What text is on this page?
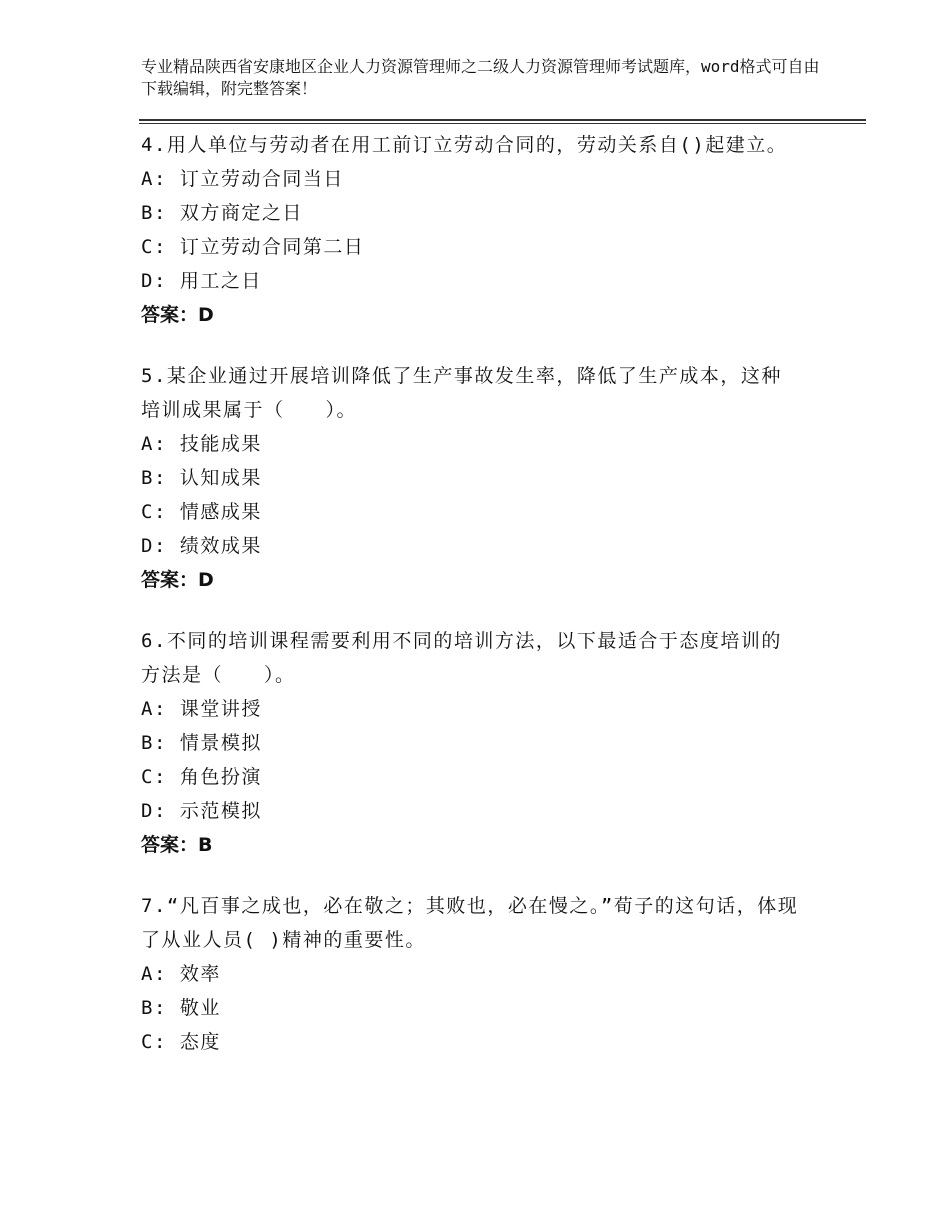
专业精品陕西省安康地区企业人力资源管理师之二级人力资源管理师考试题库，word格式可自由下载编辑，附完整答案！

4.用人单位与劳动者在用工前订立劳动合同的，劳动关系自()起建立。

A: 订立劳动合同当日

B: 双方商定之日

C: 订立劳动合同第二日

D: 用工之日

答案：D

5.某企业通过开展培训降低了生产事故发生率，降低了生产成本，这种培训成果属于（　　）。

A: 技能成果

B: 认知成果

C: 情感成果

D: 绩效成果

答案：D

6.不同的培训课程需要利用不同的培训方法，以下最适合于态度培训的方法是（　　）。

A: 课堂讲授

B: 情景模拟

C: 角色扮演

D: 示范模拟

答案：B

7.“凡百事之成也，必在敬之；其败也，必在慢之。”荀子的这句话，体现了从业人员( )精神的重要性。

A: 效率

B: 敬业

C: 态度
